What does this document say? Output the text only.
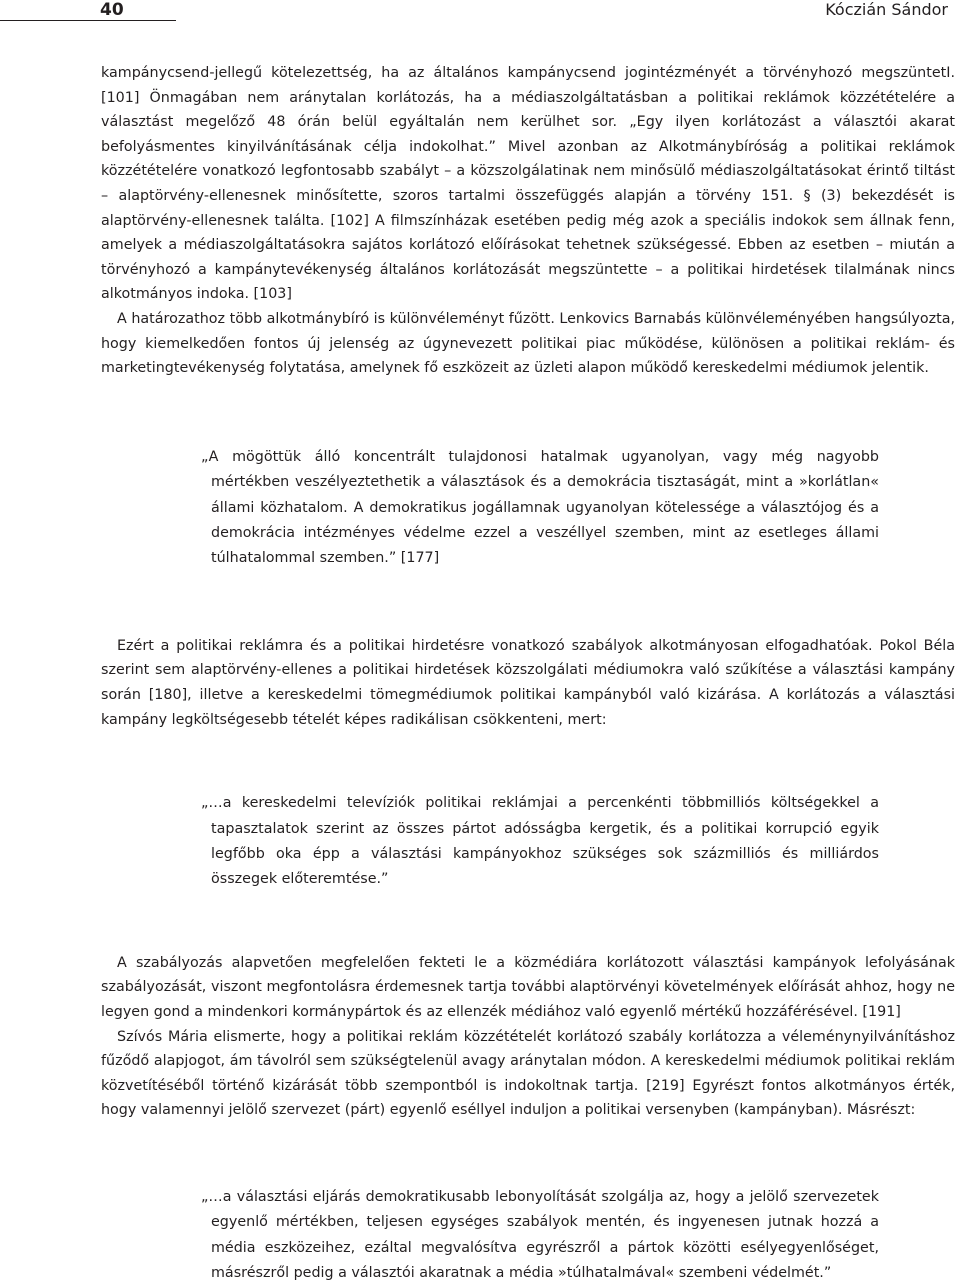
40	Kóczián Sándor

kampánycsend-jellegű kötelezettség, ha az általános kampánycsend jogintézményét a törvényhozó megszüntetI. [101] Önmagában nem aránytalan korlátozás, ha a médiaszolgáltatásban a politikai reklámok közzétételére a választást megelőző 48 órán belül egyáltalán nem kerülhet sor. „Egy ilyen korlátozást a választói akarat befolyásmentes kinyilvánításának célja indokolhat.” Mivel azonban az Alkotmánybíróság a politikai reklámok közzétételére vonatkozó legfontosabb szabályt – a közszolgálatinak nem minősülő médiaszolgáltatásokat érintő tiltást – alaptörvény-ellenesnek minősítette, szoros tartalmi összefüggés alapján a törvény 151. § (3) bekezdését is alaptörvény-ellenesnek találta. [102] A filmszínházak esetében pedig még azok a speciális indokok sem állnak fenn, amelyek a médiaszolgáltatásokra sajátos korlátozó előírásokat tehetnek szükségessé. Ebben az esetben – miután a törvényhozó a kampánytevékenység általános korlátozását megszüntette – a politikai hirdetések tilalmának nincs alkotmányos indoka. [103]

A határozathoz több alkotmánybíró is különvéleményt fűzött. Lenkovics Barnabás különvéleményében hangsúlyozta, hogy kiemelkedően fontos új jelenség az úgynevezett politikai piac működése, különösen a politikai reklám- és marketingtevékenység folytatása, amelynek fő eszközeit az üzleti alapon működő kereskedelmi médiumok jelentik.

„A mögöttük álló koncentrált tulajdonosi hatalmak ugyanolyan, vagy még nagyobb mértékben veszélyeztethetik a választások és a demokrácia tisztaságát, mint a »korlátlan« állami közhatalom. A demokratikus jogállamnak ugyanolyan kötelessége a választójog és a demokrácia intézményes védelme ezzel a veszéllyel szemben, mint az esetleges állami túlhatalommal szemben.” [177]

Ezért a politikai reklámra és a politikai hirdetésre vonatkozó szabályok alkotmányosan elfogadhatóak. Pokol Béla szerint sem alaptörvény-ellenes a politikai hirdetések közszolgálati médiumokra való szűkítése a választási kampány során [180], illetve a kereskedelmi tömegmédiumok politikai kampányból való kizárása. A korlátozás a választási kampány legköltségesebb tételét képes radikálisan csökkenteni, mert:

„…a kereskedelmi televíziók politikai reklámjai a percenkénti többmilliós költségekkel a tapasztalatok szerint az összes pártot adósságba kergetik, és a politikai korrupció egyik legfőbb oka épp a választási kampányokhoz szükséges sok százmilliós és milliárdos összegek előteremtése.”

A szabályozás alapvetően megfelelően fekteti le a közmédiára korlátozott választási kampányok lefolyásának szabályozását, viszont megfontolásra érdemesnek tartja további alaptörvényi követelmények előírását ahhoz, hogy ne legyen gond a mindenkori kormánypártok és az ellenzék médiához való egyenlő mértékű hozzáférésével. [191]

Szívós Mária elismerte, hogy a politikai reklám közzétételét korlátozó szabály korlátozza a véleménynyilvánításhoz fűződő alapjogot, ám távolról sem szükségtelenül avagy aránytalan módon. A kereskedelmi médiumok politikai reklám közvetítéséből történő kizárását több szempontból is indokoltnak tartja. [219] Egyrészt fontos alkotmányos érték, hogy valamennyi jelölő szervezet (párt) egyenlő eséllyel induljon a politikai versenyben (kampányban). Másrészt:

„…a választási eljárás demokratikusabb lebonyolítását szolgálja az, hogy a jelölő szervezetek egyenlő mértékben, teljesen egységes szabályok mentén, és ingyenesen jutnak hozzá a média eszközeihez, ezáltal megvalósítva egyrészről a pártok közötti esélyegyenlőséget, másrészről pedig a választói akaratnak a média »túlhatalmával« szembeni védelmét.”
